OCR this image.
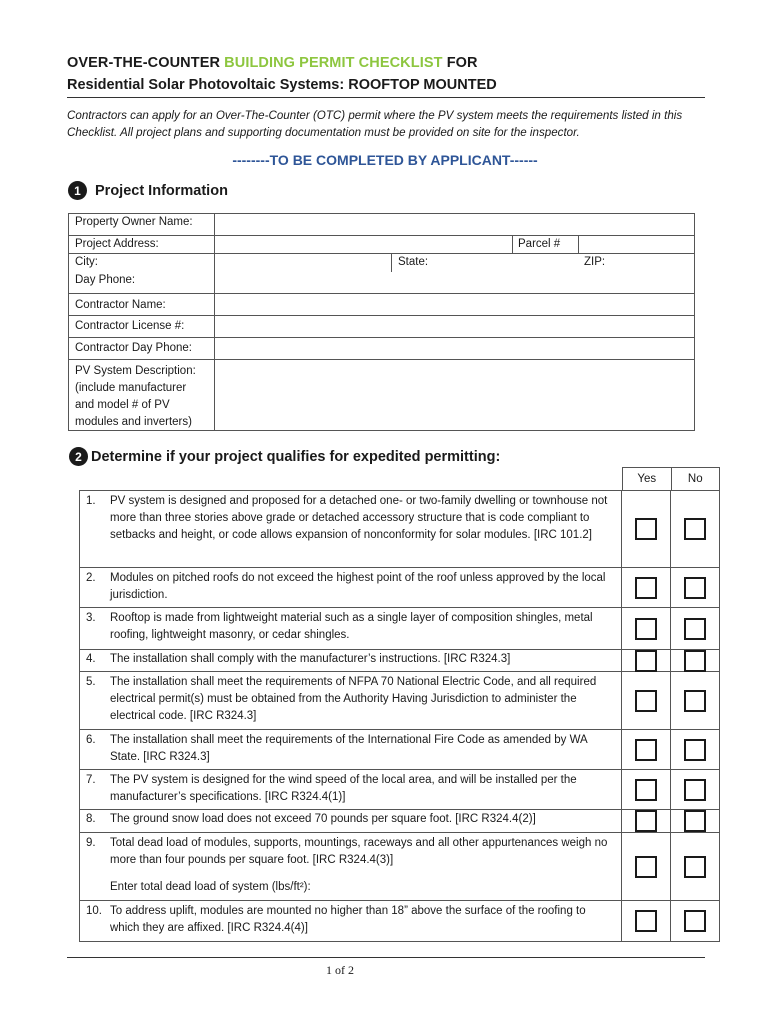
OVER-THE-COUNTER BUILDING PERMIT CHECKLIST FOR
Residential Solar Photovoltaic Systems: ROOFTOP MOUNTED
Contractors can apply for an Over-The-Counter (OTC) permit where the PV system meets the requirements listed in this Checklist. All project plans and supporting documentation must be provided on site for the inspector.
--------TO BE COMPLETED BY APPLICANT------
1 Project Information
Property Owner Name:
Project Address:	Parcel #
City:	State:	ZIP:
Day Phone:
Contractor Name:
Contractor License #:
Contractor Day Phone:
PV System Description:
(include manufacturer
and model # of PV
modules and inverters)
2 Determine if your project qualifies for expedited permitting:
Yes	No
1.	PV system is designed and proposed for a detached one- or two-family dwelling or townhouse not more than three stories above grade or detached accessory structure that is code compliant to setbacks and height, or code allows expansion of nonconformity for solar modules. [IRC 101.2]
2.	Modules on pitched roofs do not exceed the highest point of the roof unless approved by the local jurisdiction.
3.	Rooftop is made from lightweight material such as a single layer of composition shingles, metal roofing, lightweight masonry, or cedar shingles.
4.	The installation shall comply with the manufacturer’s instructions. [IRC R324.3]
5.	The installation shall meet the requirements of NFPA 70 National Electric Code, and all required electrical permit(s) must be obtained from the Authority Having Jurisdiction to administer the electrical code. [IRC R324.3]
6.	The installation shall meet the requirements of the International Fire Code as amended by WA State. [IRC R324.3]
7.	The PV system is designed for the wind speed of the local area, and will be installed per the manufacturer’s specifications. [IRC R324.4(1)]
8.	The ground snow load does not exceed 70 pounds per square foot. [IRC R324.4(2)]
9.	Total dead load of modules, supports, mountings, raceways and all other appurtenances weigh no more than four pounds per square foot. [IRC R324.4(3)]
Enter total dead load of system (lbs/ft²):
10. To address uplift, modules are mounted no higher than 18” above the surface of the roofing to which they are affixed. [IRC R324.4(4)]
1 of 2
